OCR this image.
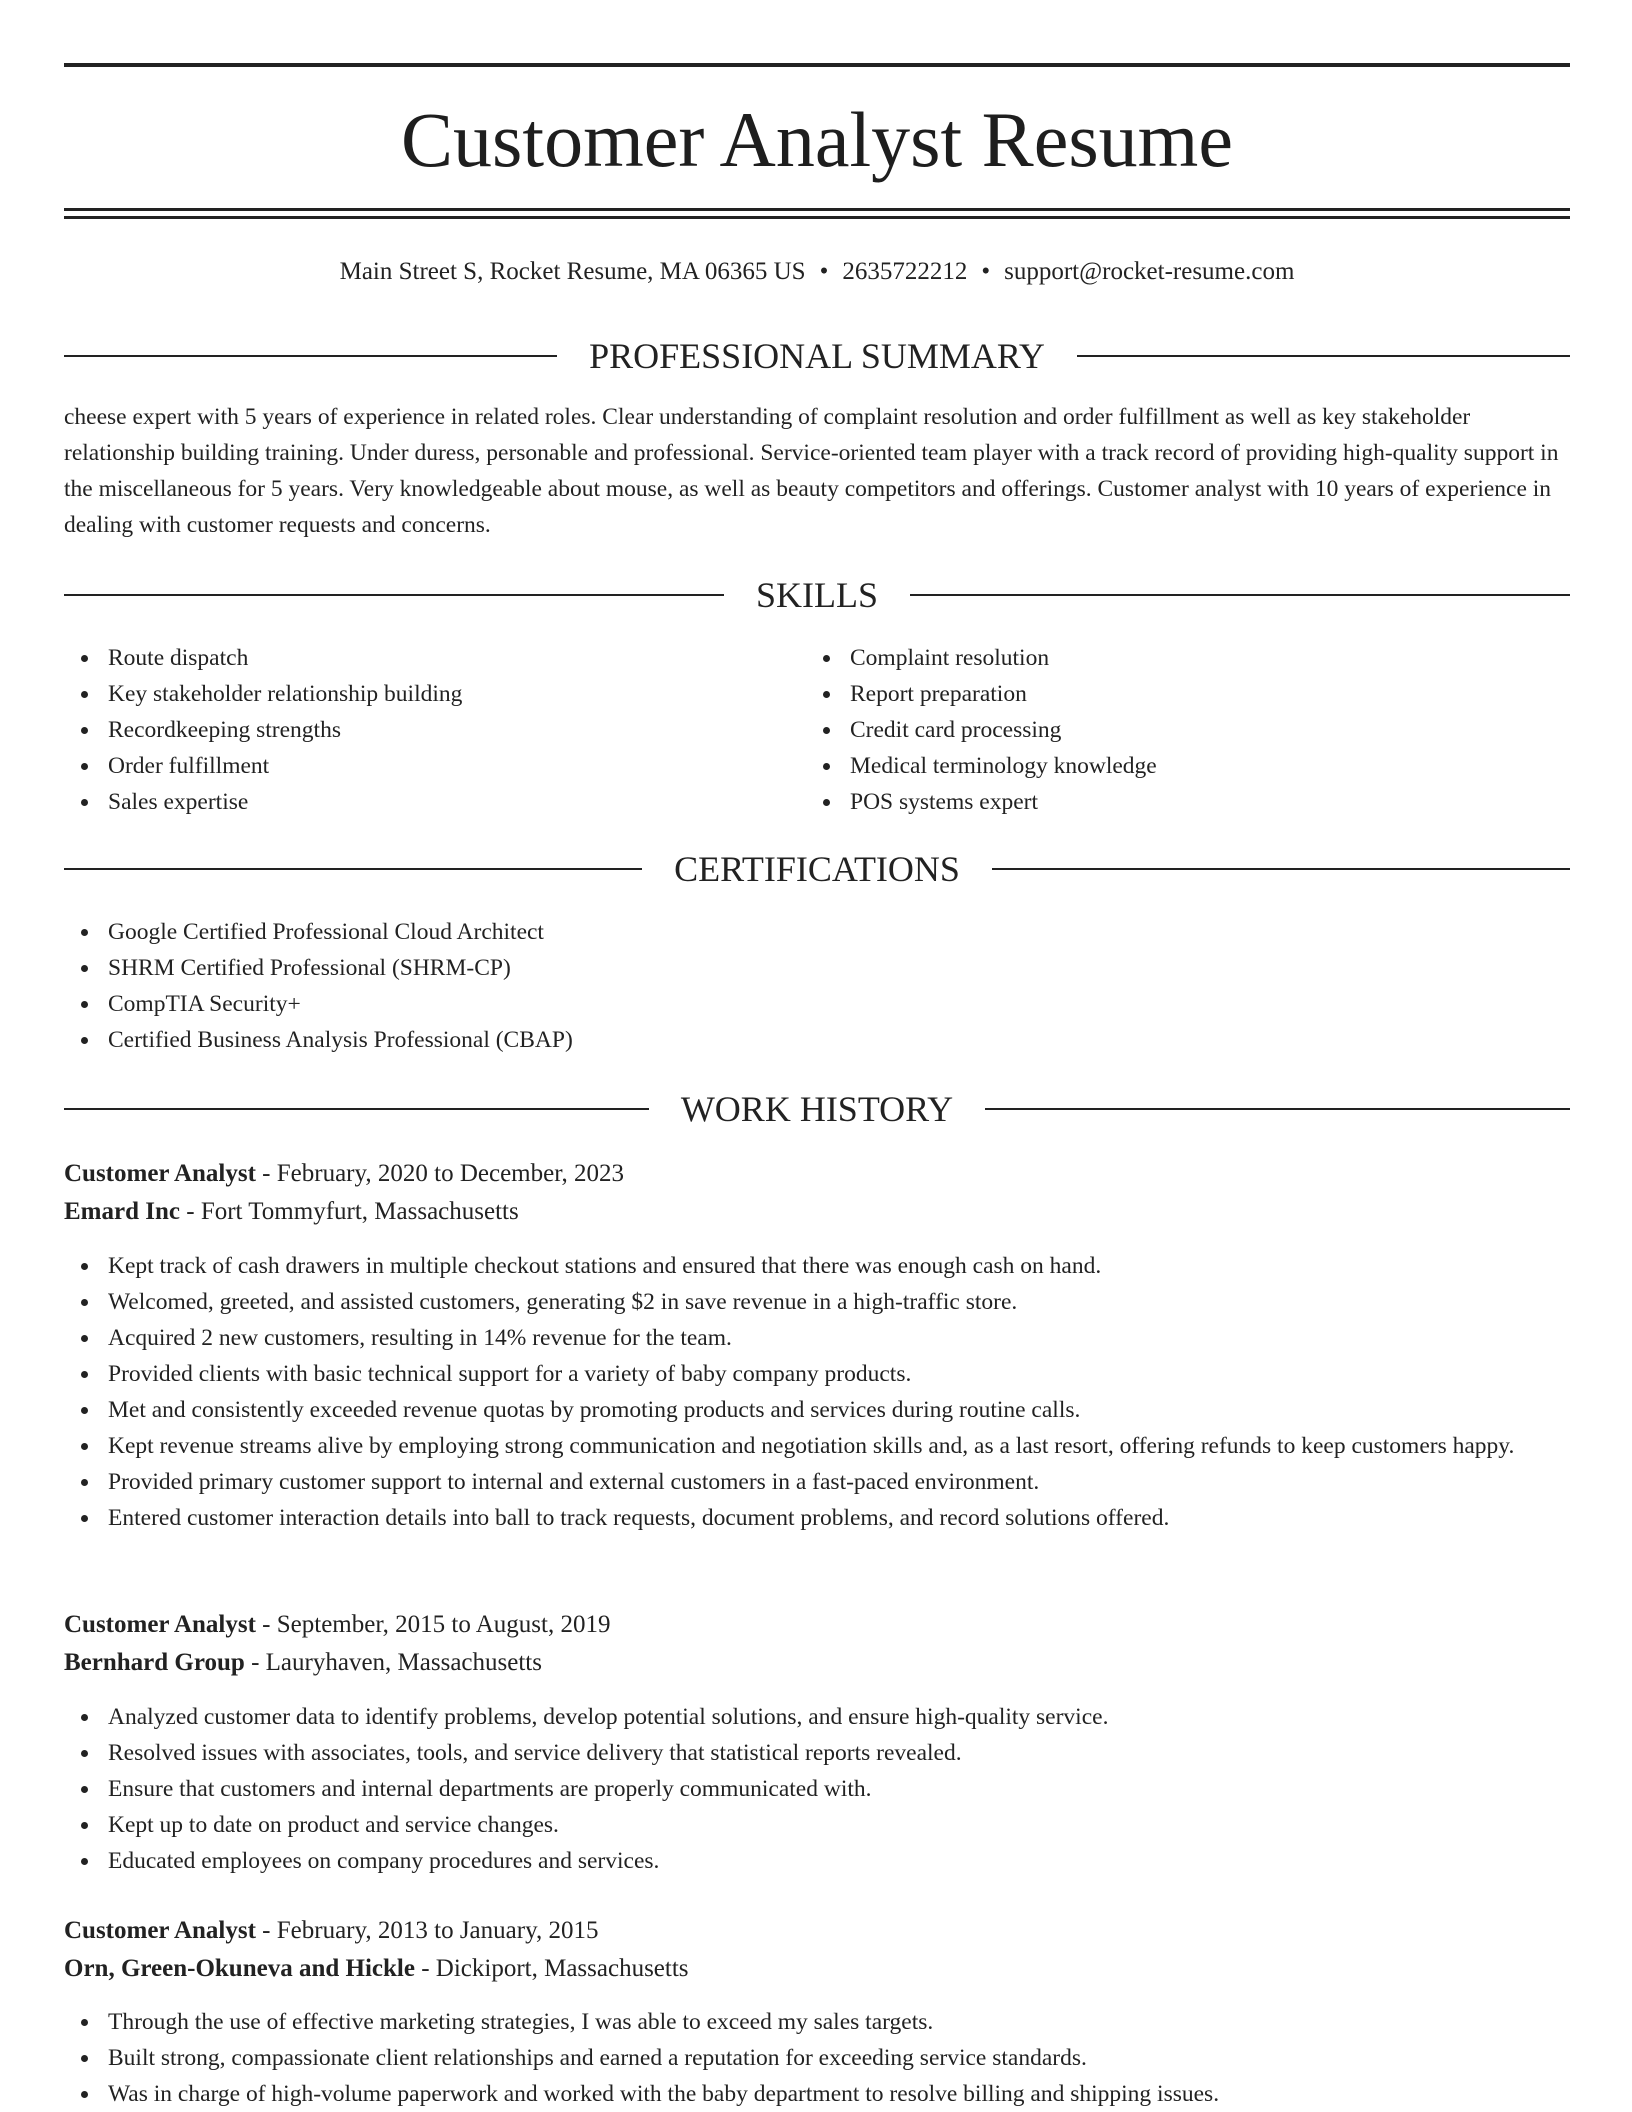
Customer Analyst Resume
Main Street S, Rocket Resume, MA 06365 US • 2635722212 • support@rocket-resume.com
PROFESSIONAL SUMMARY

cheese expert with 5 years of experience in related roles. Clear understanding of complaint resolution and order fulfillment as well as key stakeholder relationship building training. Under duress, personable and professional. Service-oriented team player with a track record of providing high-quality support in the miscellaneous for 5 years. Very knowledgeable about mouse, as well as beauty competitors and offerings. Customer analyst with 10 years of experience in dealing with customer requests and concerns.

SKILLS
Route dispatch
Key stakeholder relationship building
Recordkeeping strengths
Order fulfillment
Sales expertise
Complaint resolution
Report preparation
Credit card processing
Medical terminology knowledge
POS systems expert
CERTIFICATIONS
Google Certified Professional Cloud Architect
SHRM Certified Professional (SHRM-CP)
CompTIA Security+
Certified Business Analysis Professional (CBAP)
WORK HISTORY
Customer Analyst - February, 2020 to December, 2023
Emard Inc - Fort Tommyfurt, Massachusetts
Kept track of cash drawers in multiple checkout stations and ensured that there was enough cash on hand.
Welcomed, greeted, and assisted customers, generating $2 in save revenue in a high-traffic store.
Acquired 2 new customers, resulting in 14% revenue for the team.
Provided clients with basic technical support for a variety of baby company products.
Met and consistently exceeded revenue quotas by promoting products and services during routine calls.
Kept revenue streams alive by employing strong communication and negotiation skills and, as a last resort, offering refunds to keep customers happy.
Provided primary customer support to internal and external customers in a fast-paced environment.
Entered customer interaction details into ball to track requests, document problems, and record solutions offered.
Customer Analyst - September, 2015 to August, 2019
Bernhard Group - Lauryhaven, Massachusetts
Analyzed customer data to identify problems, develop potential solutions, and ensure high-quality service.
Resolved issues with associates, tools, and service delivery that statistical reports revealed.
Ensure that customers and internal departments are properly communicated with.
Kept up to date on product and service changes.
Educated employees on company procedures and services.
Customer Analyst - February, 2013 to January, 2015
Orn, Green-Okuneva and Hickle - Dickiport, Massachusetts
Through the use of effective marketing strategies, I was able to exceed my sales targets.
Built strong, compassionate client relationships and earned a reputation for exceeding service standards.
Was in charge of high-volume paperwork and worked with the baby department to resolve billing and shipping issues.
